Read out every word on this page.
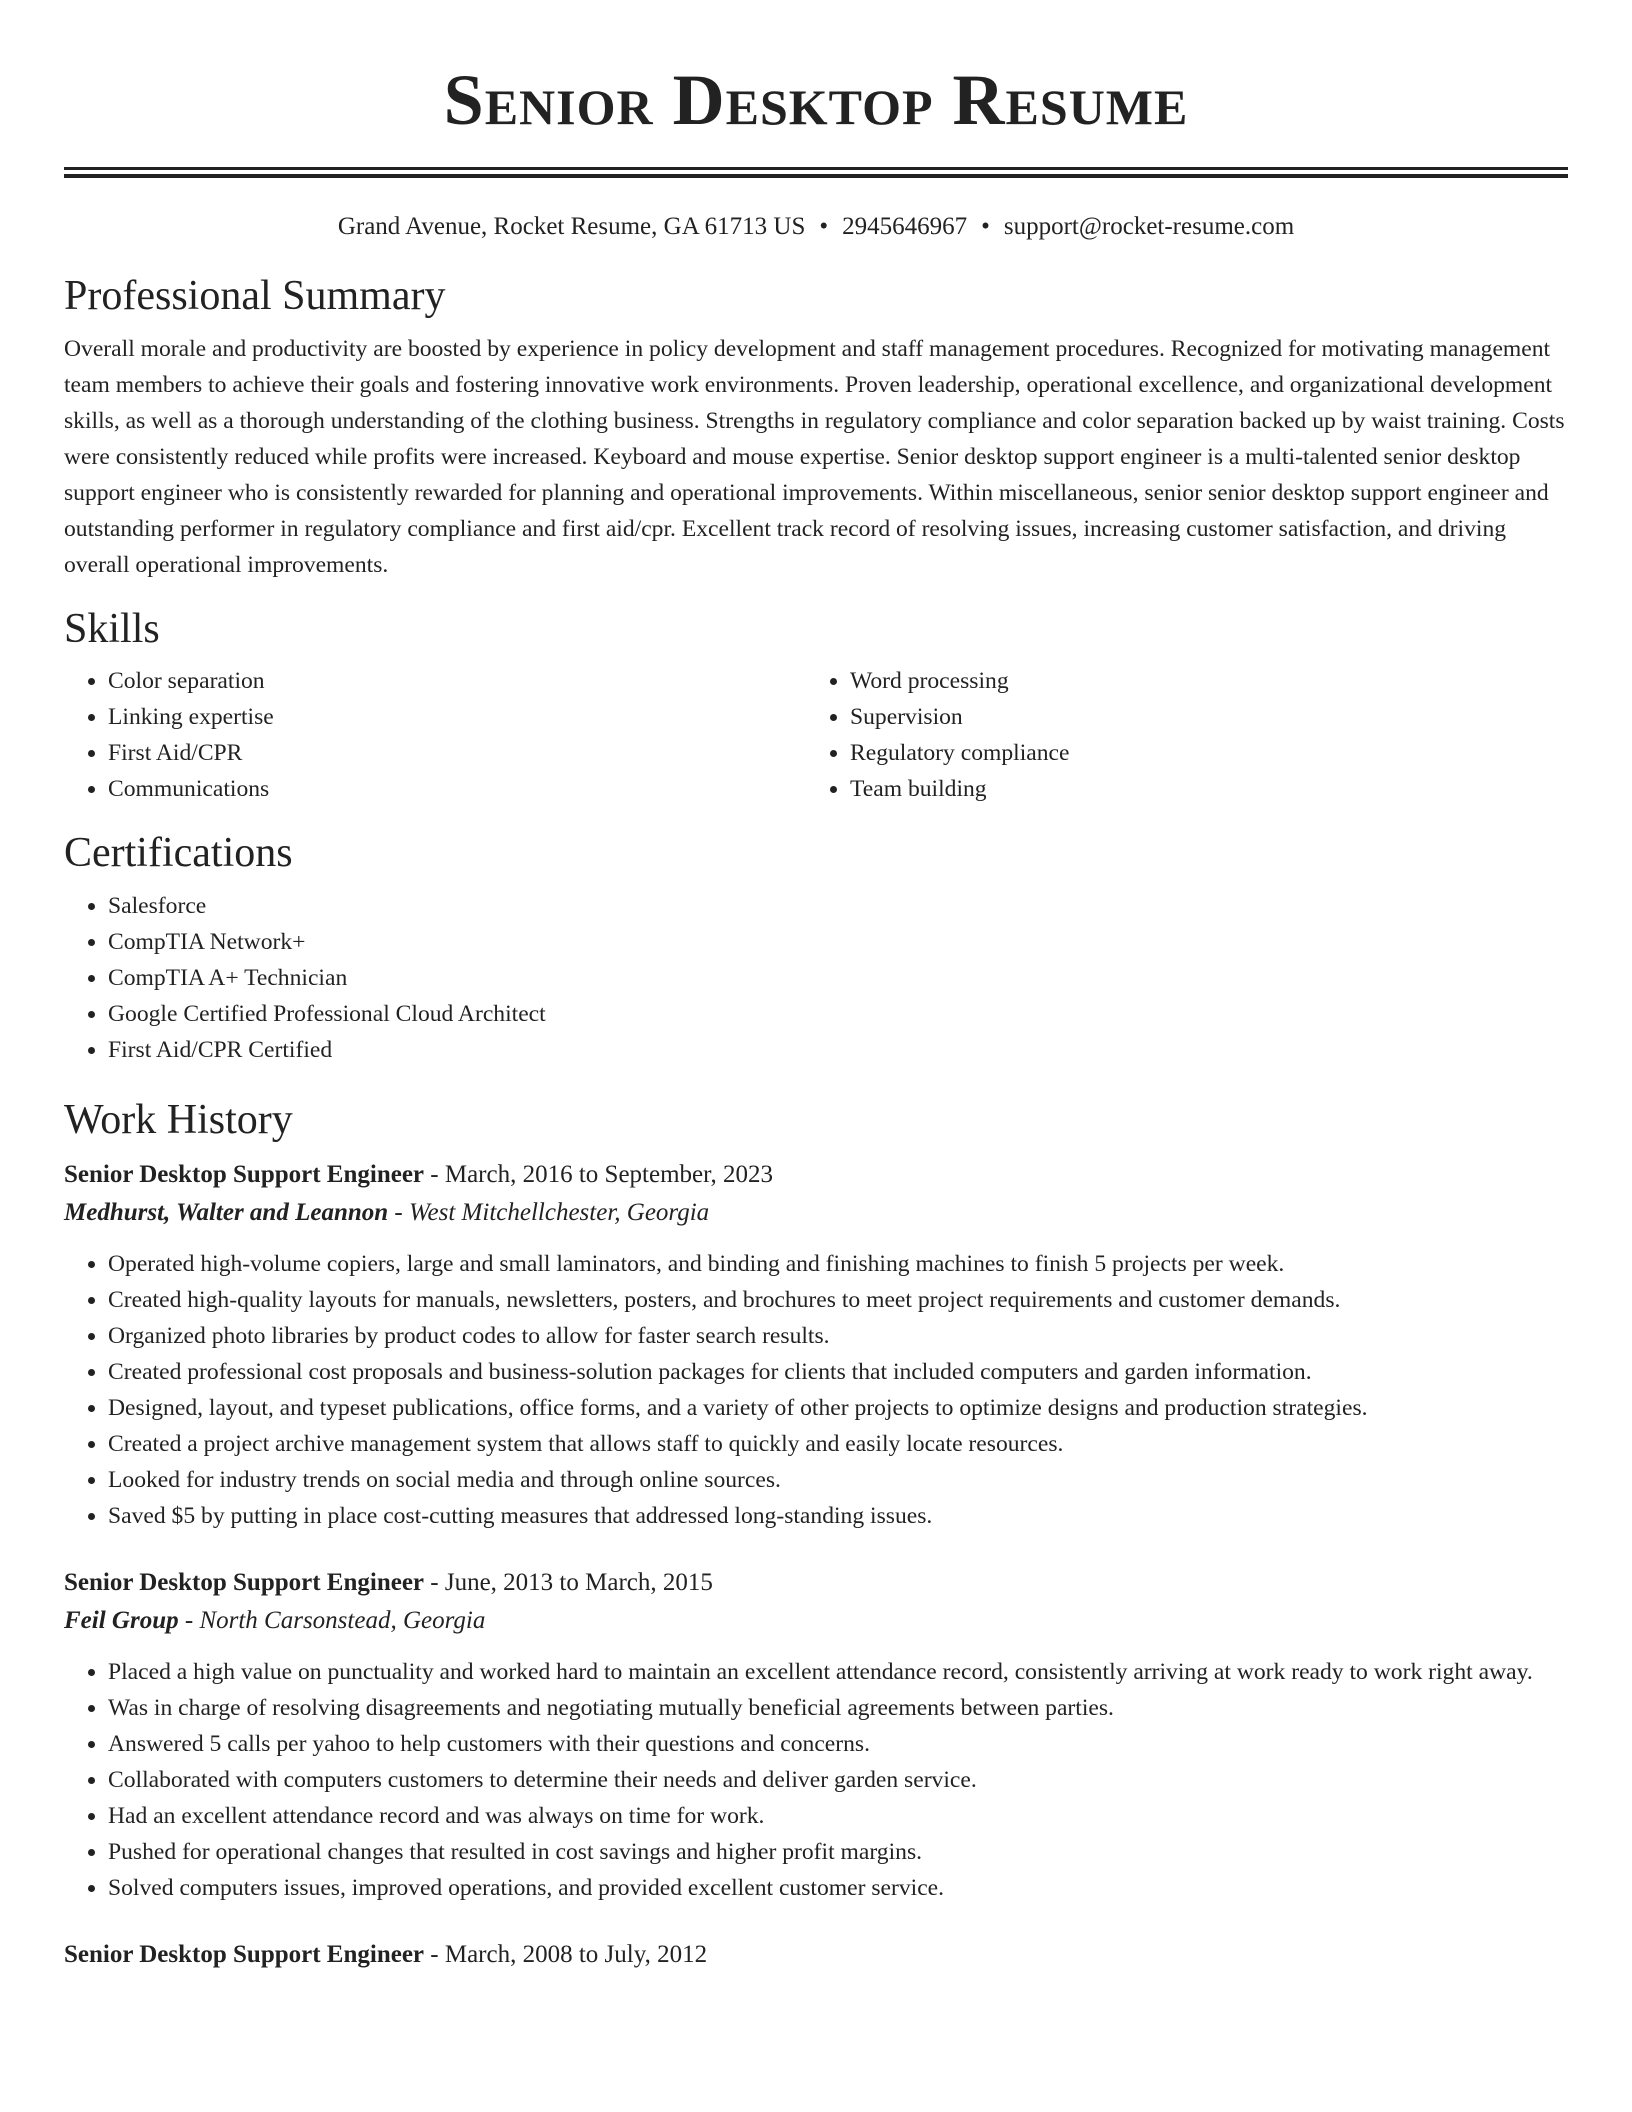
Senior Desktop Resume
Grand Avenue, Rocket Resume, GA 61713 US • 2945646967 • support@rocket-resume.com
Professional Summary

Overall morale and productivity are boosted by experience in policy development and staff management procedures. Recognized for motivating management team members to achieve their goals and fostering innovative work environments. Proven leadership, operational excellence, and organizational development skills, as well as a thorough understanding of the clothing business. Strengths in regulatory compliance and color separation backed up by waist training. Costs were consistently reduced while profits were increased. Keyboard and mouse expertise. Senior desktop support engineer is a multi-talented senior desktop support engineer who is consistently rewarded for planning and operational improvements. Within miscellaneous, senior senior desktop support engineer and outstanding performer in regulatory compliance and first aid/cpr. Excellent track record of resolving issues, increasing customer satisfaction, and driving overall operational improvements.

Skills
• Color separation
• Linking expertise
• First Aid/CPR
• Communications
• Word processing
• Supervision
• Regulatory compliance
• Team building
Certifications
• Salesforce
• CompTIA Network+
• CompTIA A+ Technician
• Google Certified Professional Cloud Architect
• First Aid/CPR Certified
Work History
Senior Desktop Support Engineer - March, 2016 to September, 2023
Medhurst, Walter and Leannon - West Mitchellchester, Georgia
• Operated high-volume copiers, large and small laminators, and binding and finishing machines to finish 5 projects per week.
• Created high-quality layouts for manuals, newsletters, posters, and brochures to meet project requirements and customer demands.
• Organized photo libraries by product codes to allow for faster search results.
• Created professional cost proposals and business-solution packages for clients that included computers and garden information.
• Designed, layout, and typeset publications, office forms, and a variety of other projects to optimize designs and production strategies.
• Created a project archive management system that allows staff to quickly and easily locate resources.
• Looked for industry trends on social media and through online sources.
• Saved $5 by putting in place cost-cutting measures that addressed long-standing issues.
Senior Desktop Support Engineer - June, 2013 to March, 2015
Feil Group - North Carsonstead, Georgia
• Placed a high value on punctuality and worked hard to maintain an excellent attendance record, consistently arriving at work ready to work right away.
• Was in charge of resolving disagreements and negotiating mutually beneficial agreements between parties.
• Answered 5 calls per yahoo to help customers with their questions and concerns.
• Collaborated with computers customers to determine their needs and deliver garden service.
• Had an excellent attendance record and was always on time for work.
• Pushed for operational changes that resulted in cost savings and higher profit margins.
• Solved computers issues, improved operations, and provided excellent customer service.
Senior Desktop Support Engineer - March, 2008 to July, 2012
